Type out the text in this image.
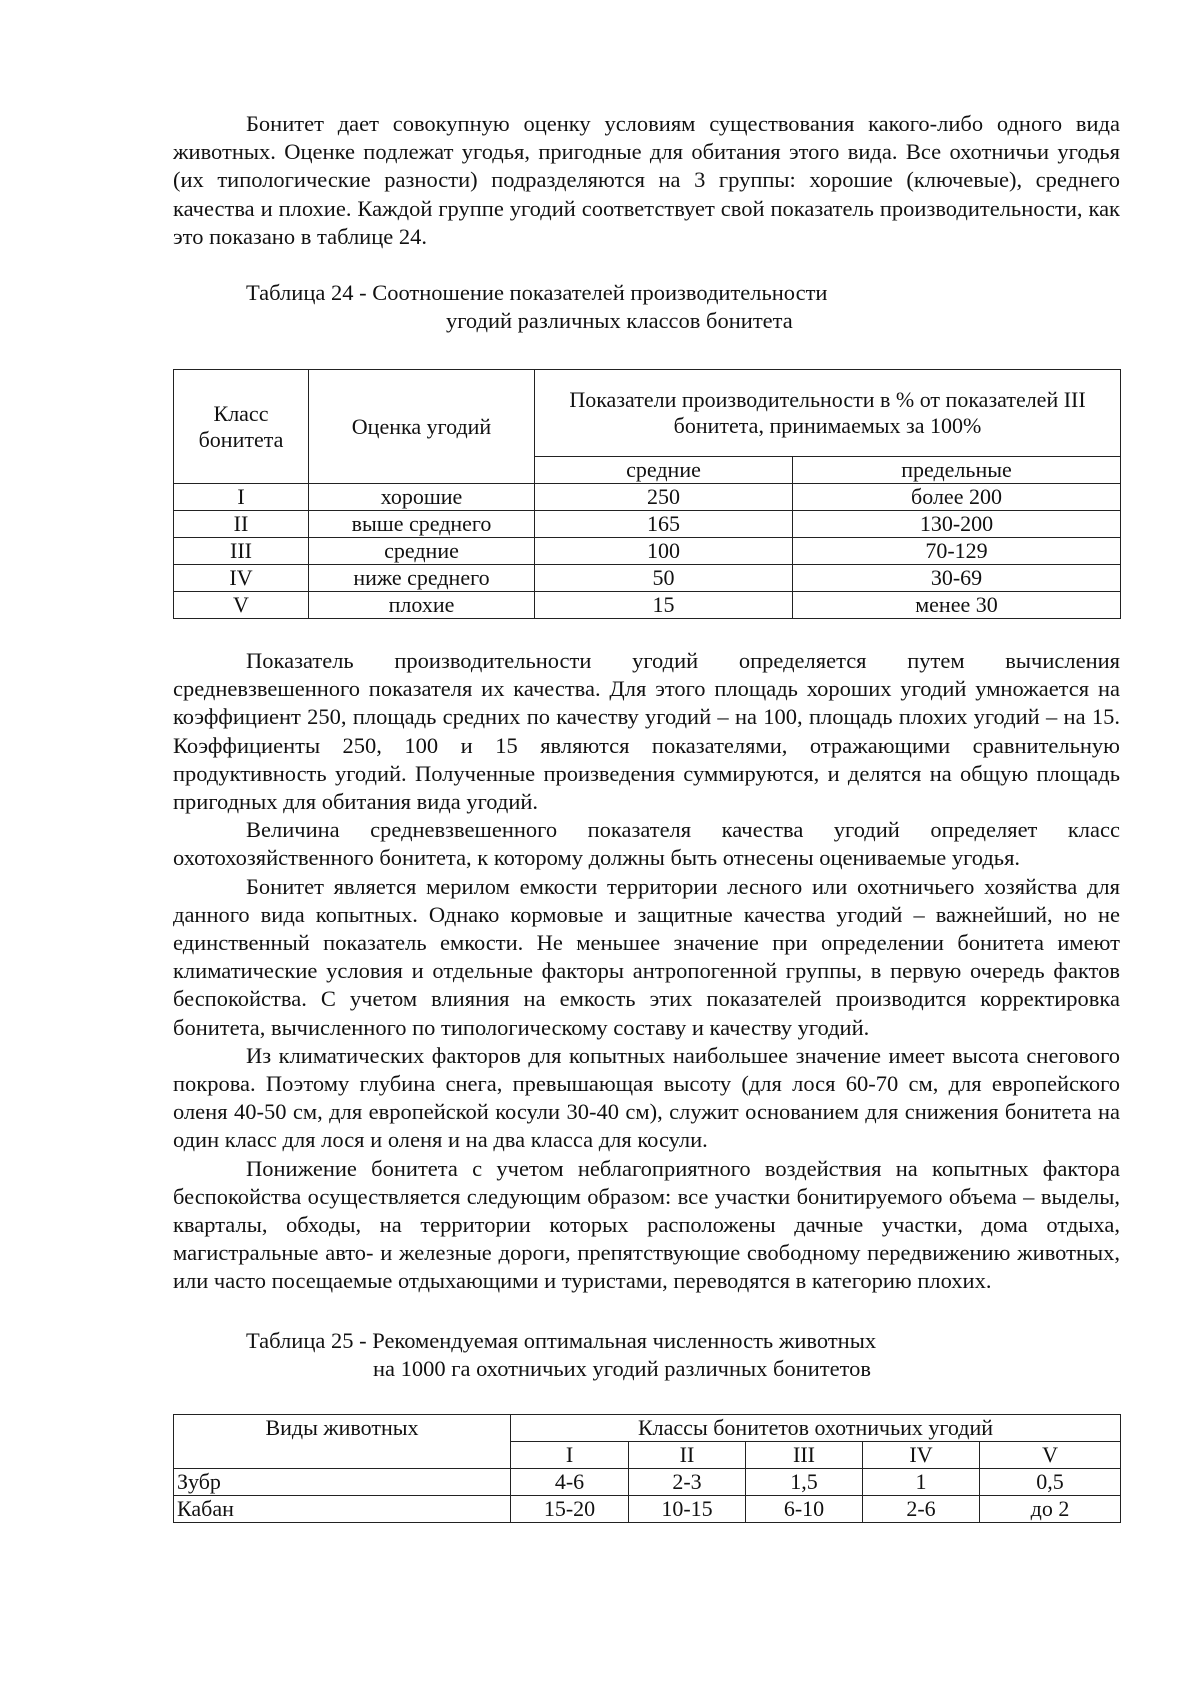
Бонитет дает совокупную оценку условиям существования какого-либо одного вида животных. Оценке подлежат угодья, пригодные для обитания этого вида. Все охотничьи угодья (их типологические разности) подразделяются на 3 группы: хорошие (ключевые), среднего качества и плохие. Каждой группе угодий соответствует свой показатель производительности, как это показано в таблице 24.

Таблица 24 - Соотношение показателей производительности
угодий различных классов бонитета
Класс бонитета	Оценка угодий	Показатели производительности в % от показателей III бонитета, принимаемых за 100%	
		средние	предельные
I	хорошие	250	более 200
II	выше среднего	165	130-200
III	средние	100	70-129
IV	ниже среднего	50	30-69
V	плохие	15	менее 30

Показатель производительности угодий определяется путем вычисления средневзвешенного показателя их качества. Для этого площадь хороших угодий умножается на коэффициент 250, площадь средних по качеству угодий – на 100, площадь плохих угодий – на 15. Коэффициенты 250, 100 и 15 являются показателями, отражающими сравнительную продуктивность угодий. Полученные произведения суммируются, и делятся на общую площадь пригодных для обитания вида угодий.

Величина средневзвешенного показателя качества угодий определяет класс охотохозяйственного бонитета, к которому должны быть отнесены оцениваемые угодья.

Бонитет является мерилом емкости территории лесного или охотничьего хозяйства для данного вида копытных. Однако кормовые и защитные качества угодий – важнейший, но не единственный показатель емкости. Не меньшее значение при определении бонитета имеют климатические условия и отдельные факторы антропогенной группы, в первую очередь фактов беспокойства. С учетом влияния на емкость этих показателей производится корректировка бонитета, вычисленного по типологическому составу и качеству угодий.

Из климатических факторов для копытных наибольшее значение имеет высота снегового покрова. Поэтому глубина снега, превышающая высоту (для лося 60-70 см, для европейского оленя 40-50 см, для европейской косули 30-40 см), служит основанием для снижения бонитета на один класс для лося и оленя и на два класса для косули.

Понижение бонитета с учетом неблагоприятного воздействия на копытных фактора беспокойства осуществляется следующим образом: все участки бонитируемого объема – выделы, кварталы, обходы, на территории которых расположены дачные участки, дома отдыха, магистральные авто- и железные дороги, препятствующие свободному передвижению животных, или часто посещаемые отдыхающими и туристами, переводятся в категорию плохих.

Таблица 25 - Рекомендуемая оптимальная численность животных
на 1000 га охотничьих угодий различных бонитетов
Виды животных	Классы бонитетов охотничьих угодий				
	I	II	III	IV	V
Зубр	4-6	2-3	1,5	1	0,5
Кабан	15-20	10-15	6-10	2-6	до 2
